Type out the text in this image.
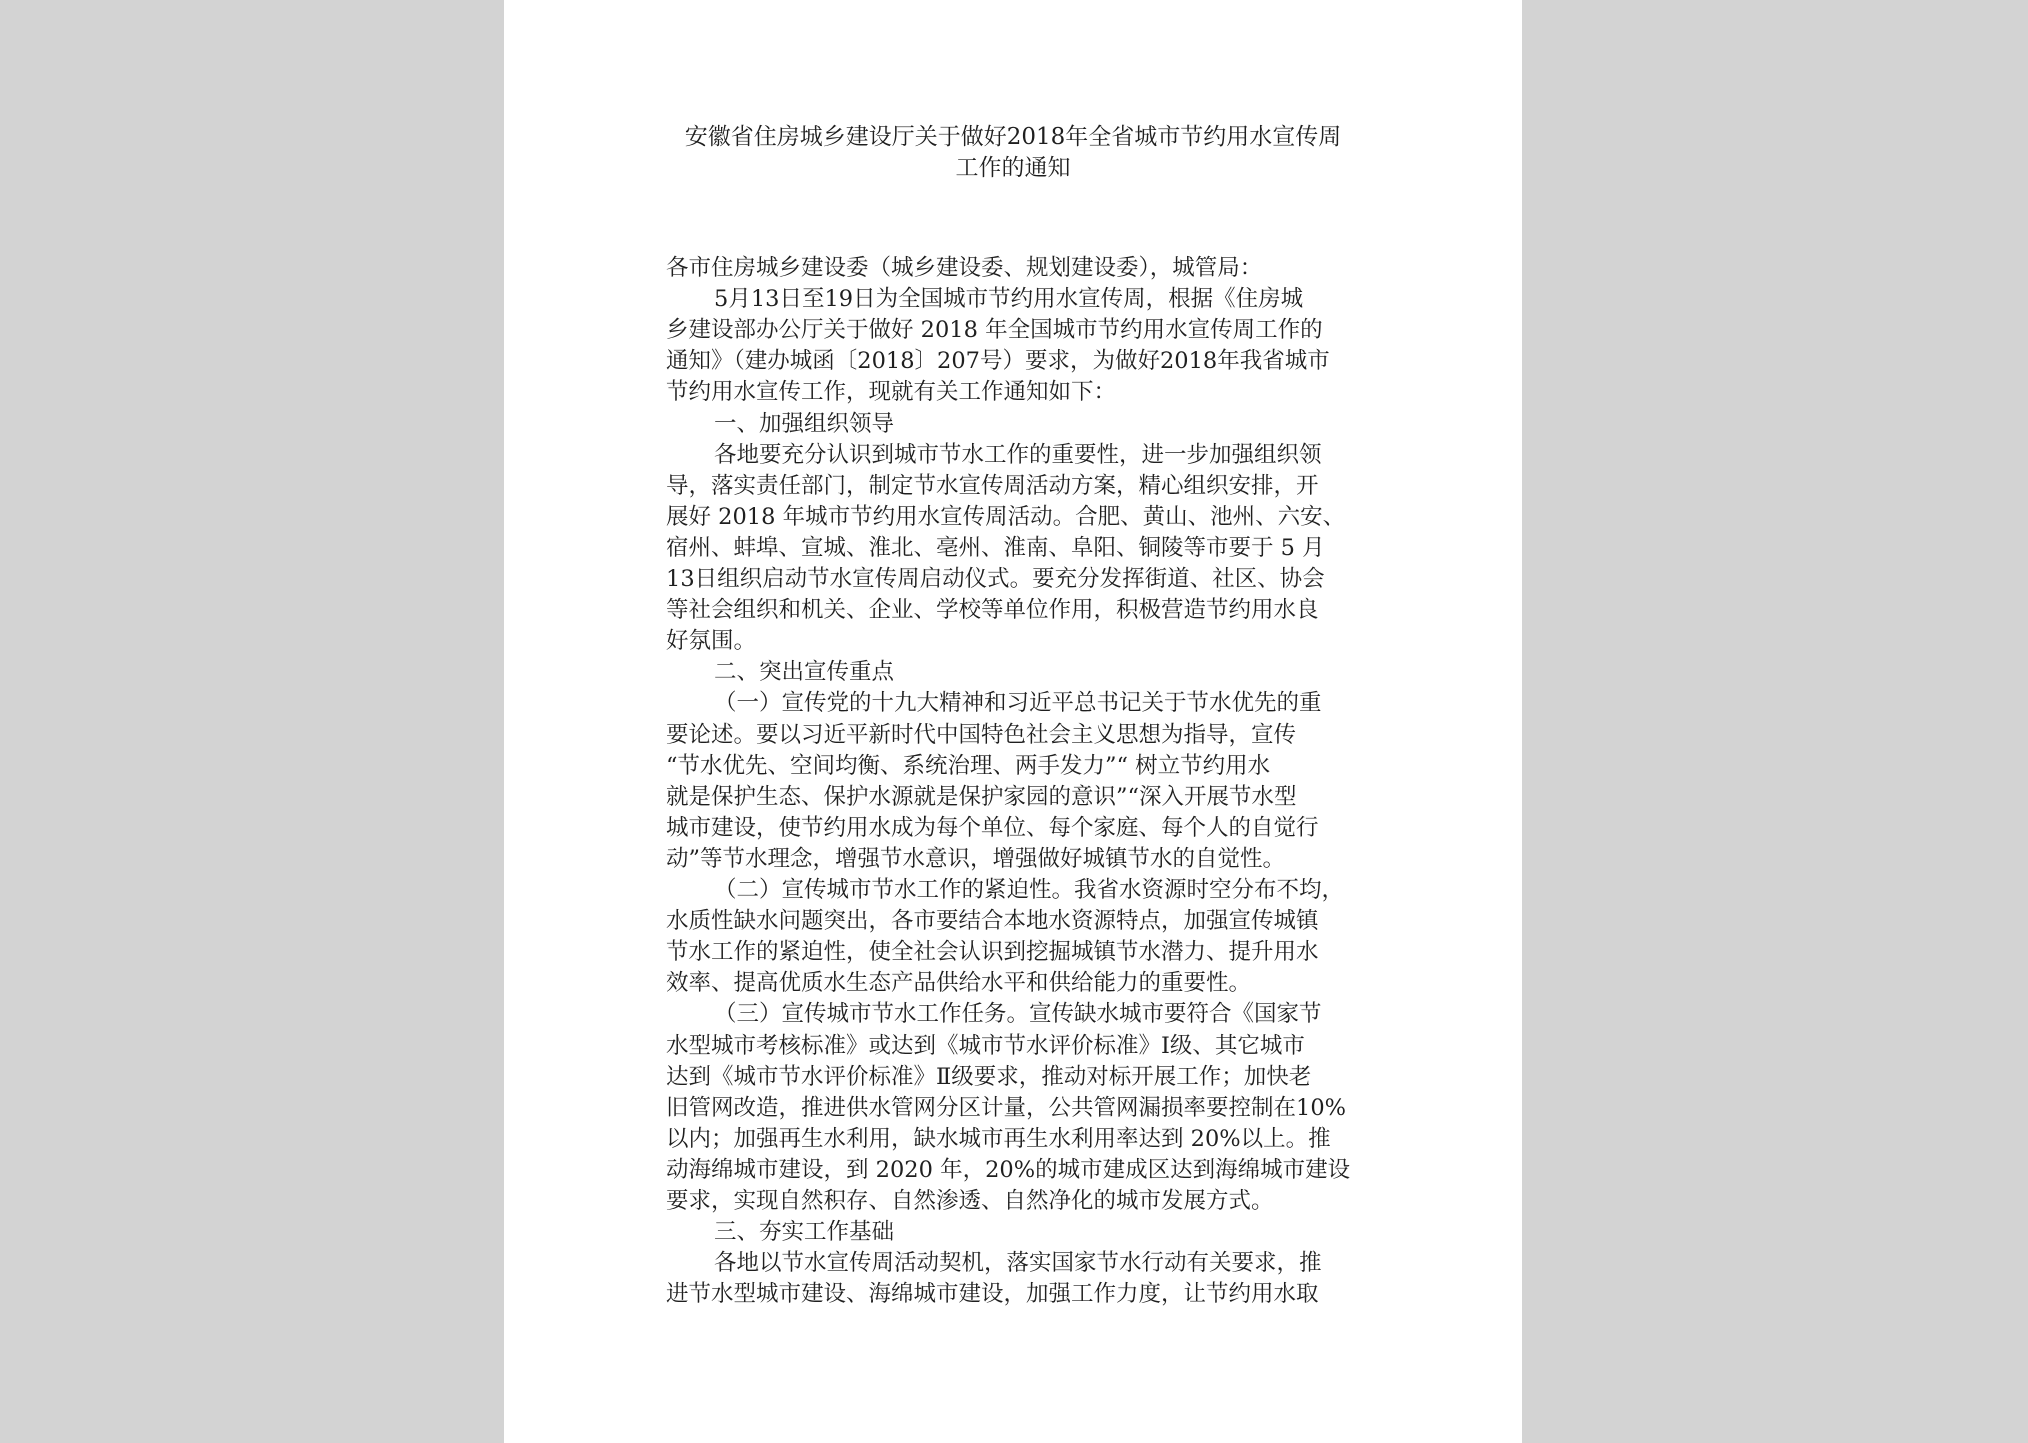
安徽省住房城乡建设厅关于做好2018年全省城市节约用水宣传周
工作的通知
各市住房城乡建设委（城乡建设委、规划建设委），城管局：
5月13日至19日为全国城市节约用水宣传周，根据《住房城
乡建设部办公厅关于做好 2018 年全国城市节约用水宣传周工作的
通知》（建办城函〔2018〕207号）要求，为做好2018年我省城市
节约用水宣传工作，现就有关工作通知如下：
一、加强组织领导
各地要充分认识到城市节水工作的重要性，进一步加强组织领
导，落实责任部门，制定节水宣传周活动方案，精心组织安排，开
展好 2018 年城市节约用水宣传周活动。合肥、黄山、池州、六安、
宿州、蚌埠、宣城、淮北、亳州、淮南、阜阳、铜陵等市要于 5 月
13日组织启动节水宣传周启动仪式。要充分发挥街道、社区、协会
等社会组织和机关、企业、学校等单位作用，积极营造节约用水良
好氛围。
二、突出宣传重点
（一）宣传党的十九大精神和习近平总书记关于节水优先的重
要论述。要以习近平新时代中国特色社会主义思想为指导，宣传
“节水优先、空间均衡、系统治理、两手发力”“ 树立节约用水
就是保护生态、保护水源就是保护家园的意识”“深入开展节水型
城市建设，使节约用水成为每个单位、每个家庭、每个人的自觉行
动”等节水理念，增强节水意识，增强做好城镇节水的自觉性。
（二）宣传城市节水工作的紧迫性。我省水资源时空分布不均，
水质性缺水问题突出，各市要结合本地水资源特点，加强宣传城镇
节水工作的紧迫性，使全社会认识到挖掘城镇节水潜力、提升用水
效率、提高优质水生态产品供给水平和供给能力的重要性。
（三）宣传城市节水工作任务。宣传缺水城市要符合《国家节
水型城市考核标准》或达到《城市节水评价标准》Ⅰ级、其它城市
达到《城市节水评价标准》Ⅱ级要求，推动对标开展工作；加快老
旧管网改造，推进供水管网分区计量，公共管网漏损率要控制在10%
以内；加强再生水利用，缺水城市再生水利用率达到 20%以上。推
动海绵城市建设，到 2020 年，20%的城市建成区达到海绵城市建设
要求，实现自然积存、自然渗透、自然净化的城市发展方式。
三、夯实工作基础
各地以节水宣传周活动契机，落实国家节水行动有关要求，推
进节水型城市建设、海绵城市建设，加强工作力度，让节约用水取
